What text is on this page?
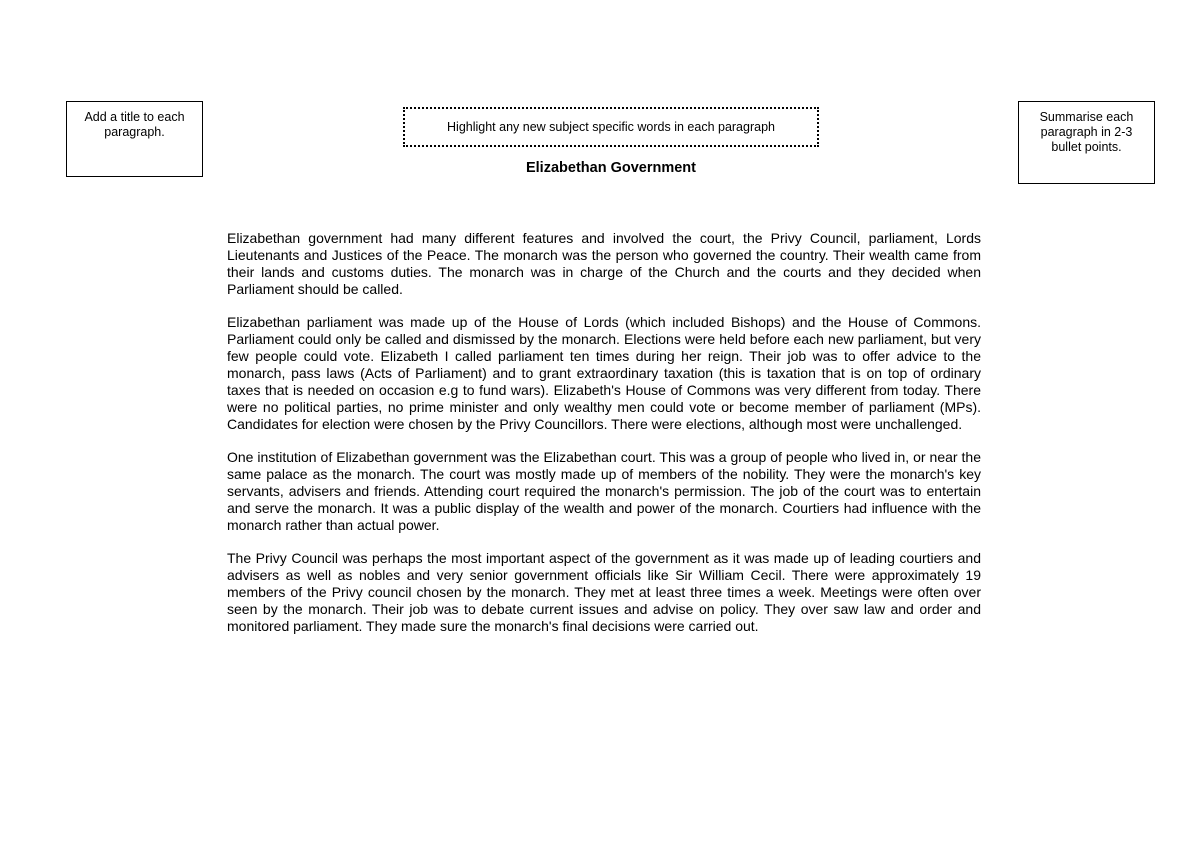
Add a title to each paragraph.	Highlight any new subject specific words in each paragraph
Summarise each paragraph in 2-3 bullet points.
Elizabethan Government

Elizabethan government had many different features and involved the court, the Privy Council, parliament, Lords Lieutenants and Justices of the Peace. The monarch was the person who governed the country. Their wealth came from their lands and customs duties. The monarch was in charge of the Church and the courts and they decided when Parliament should be called.

Elizabethan parliament was made up of the House of Lords (which included Bishops) and the House of Commons. Parliament could only be called and dismissed by the monarch. Elections were held before each new parliament, but very few people could vote. Elizabeth I called parliament ten times during her reign. Their job was to offer advice to the monarch, pass laws (Acts of Parliament) and to grant extraordinary taxation (this is taxation that is on top of ordinary taxes that is needed on occasion e.g to fund wars). Elizabeth's House of Commons was very different from today. There were no political parties, no prime minister and only wealthy men could vote or become member of parliament (MPs). Candidates for election were chosen by the Privy Councillors. There were elections, although most were unchallenged.

One institution of Elizabethan government was the Elizabethan court. This was a group of people who lived in, or near the same palace as the monarch. The court was mostly made up of members of the nobility. They were the monarch's key servants, advisers and friends. Attending court required the monarch's permission. The job of the court was to entertain and serve the monarch. It was a public display of the wealth and power of the monarch. Courtiers had influence with the monarch rather than actual power.

The Privy Council was perhaps the most important aspect of the government as it was made up of leading courtiers and advisers as well as nobles and very senior government officials like Sir William Cecil. There were approximately 19 members of the Privy council chosen by the monarch. They met at least three times a week. Meetings were often over seen by the monarch. Their job was to debate current issues and advise on policy. They over saw law and order and monitored parliament. They made sure the monarch's final decisions were carried out.
